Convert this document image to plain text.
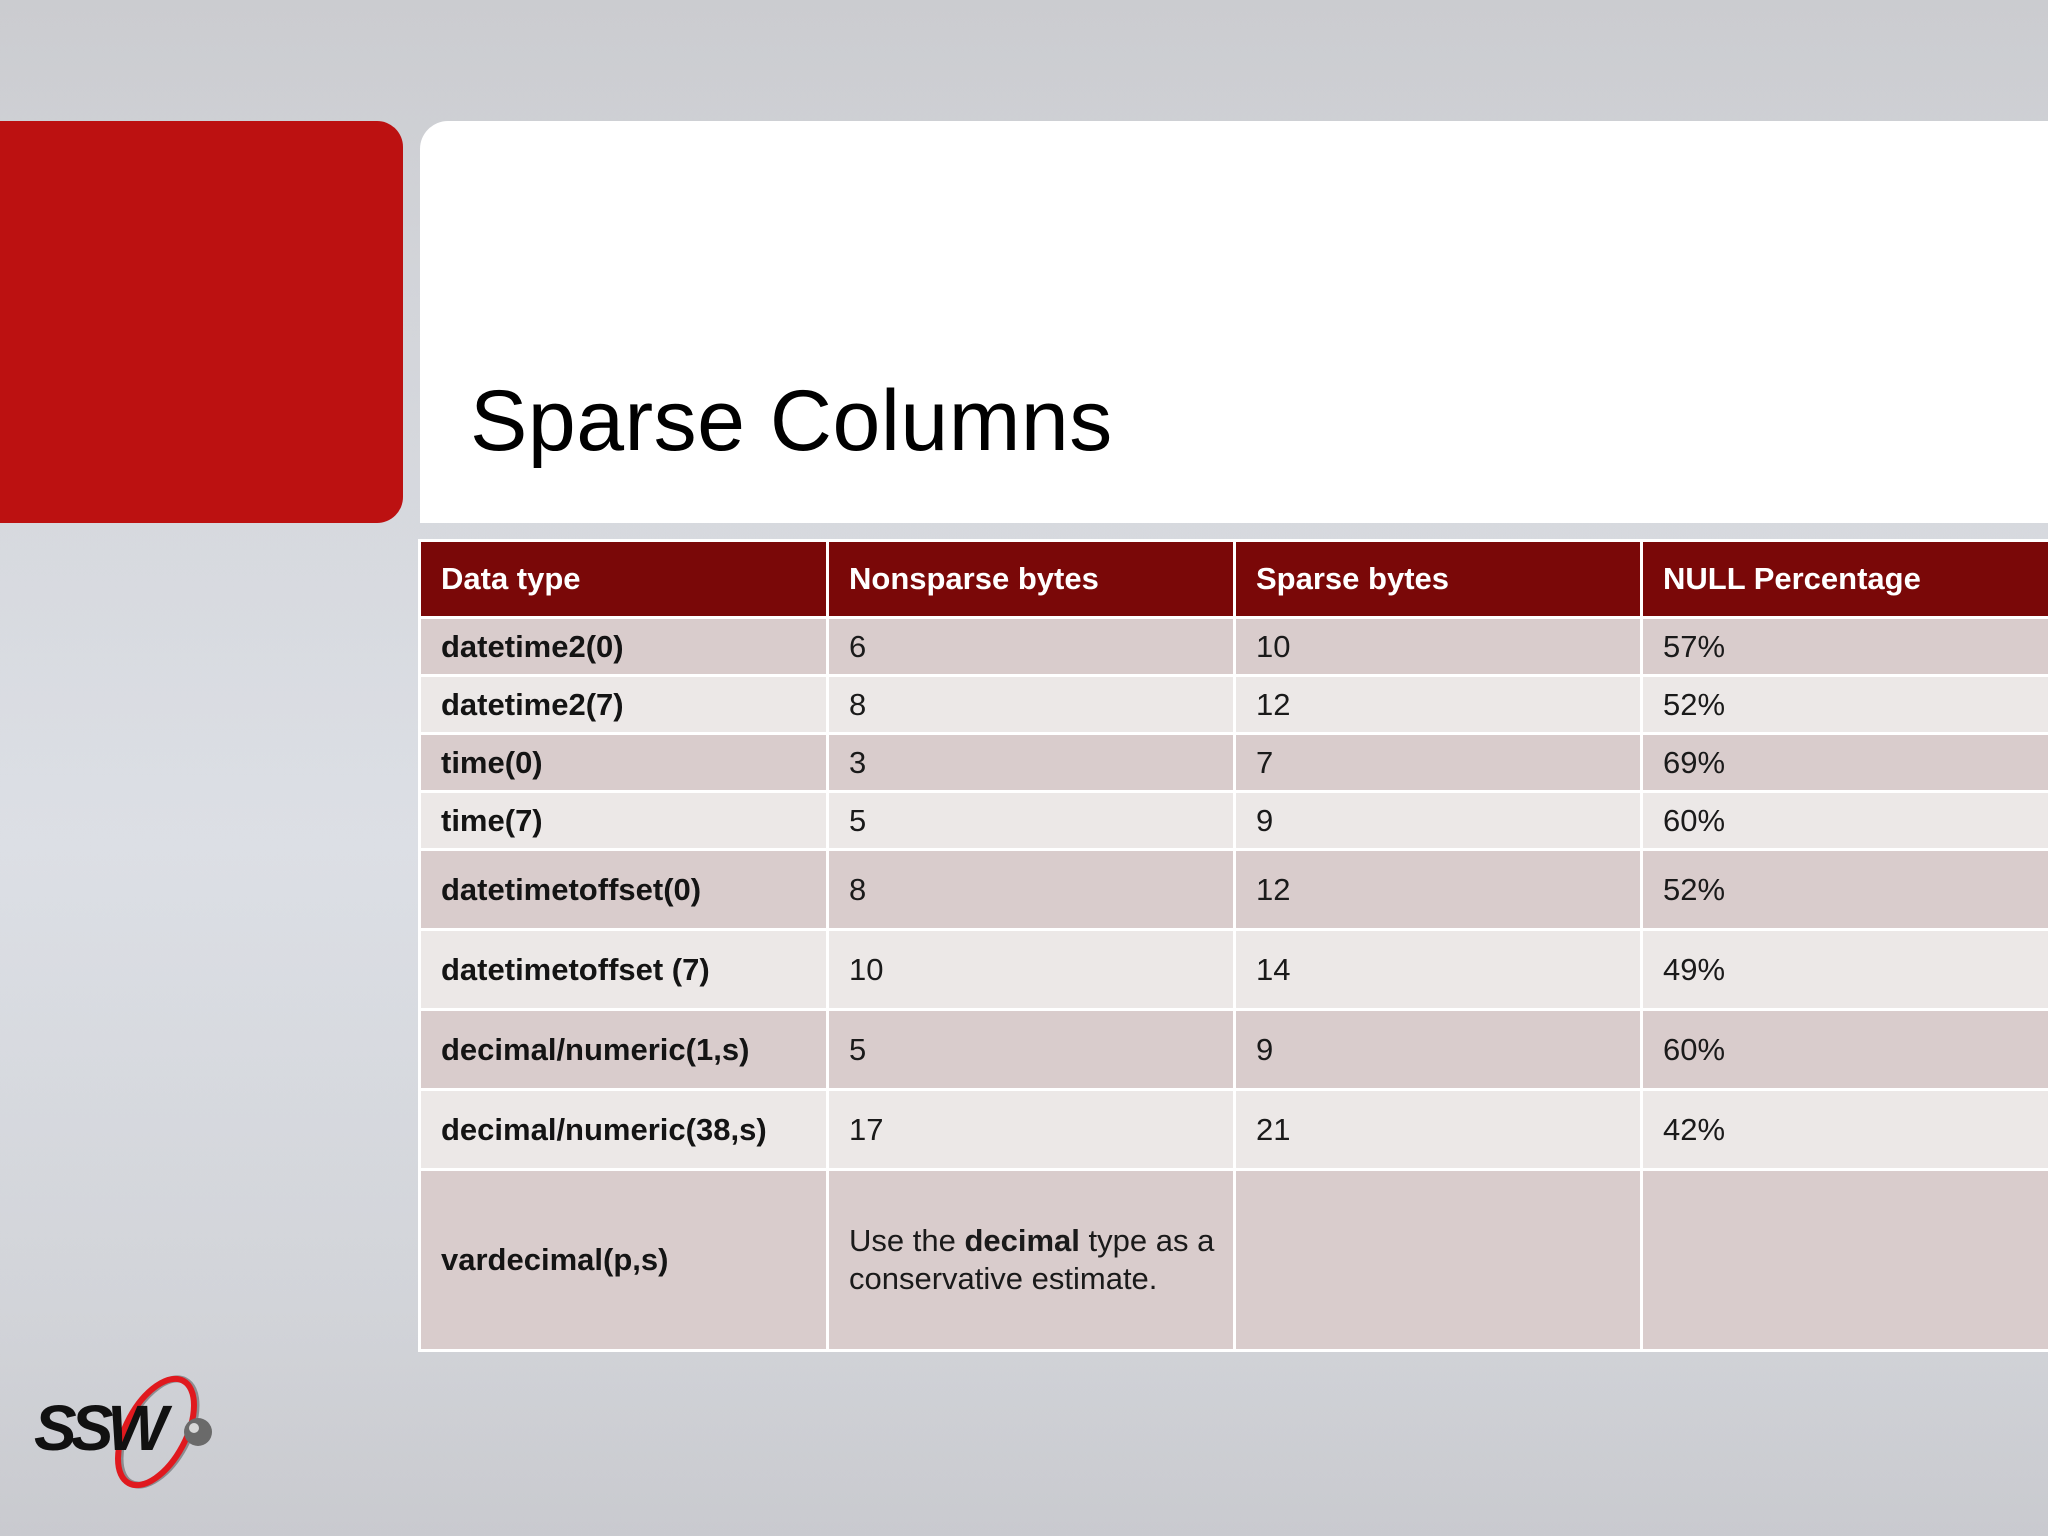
Sparse Columns
Data type	Nonsparse bytes	Sparse bytes	NULL Percentage
datetime2(0)	6	10	57%
datetime2(7)	8	12	52%
time(0)	3	7	69%
time(7)	5	9	60%
datetimetoffset(0)	8	12	52%
datetimetoffset (7)	10	14	49%
decimal/numeric(1,s)	5	9	60%
decimal/numeric(38,s)	17	21	42%
vardecimal(p,s)	Use the decimal type as a conservative estimate.		
SSW
